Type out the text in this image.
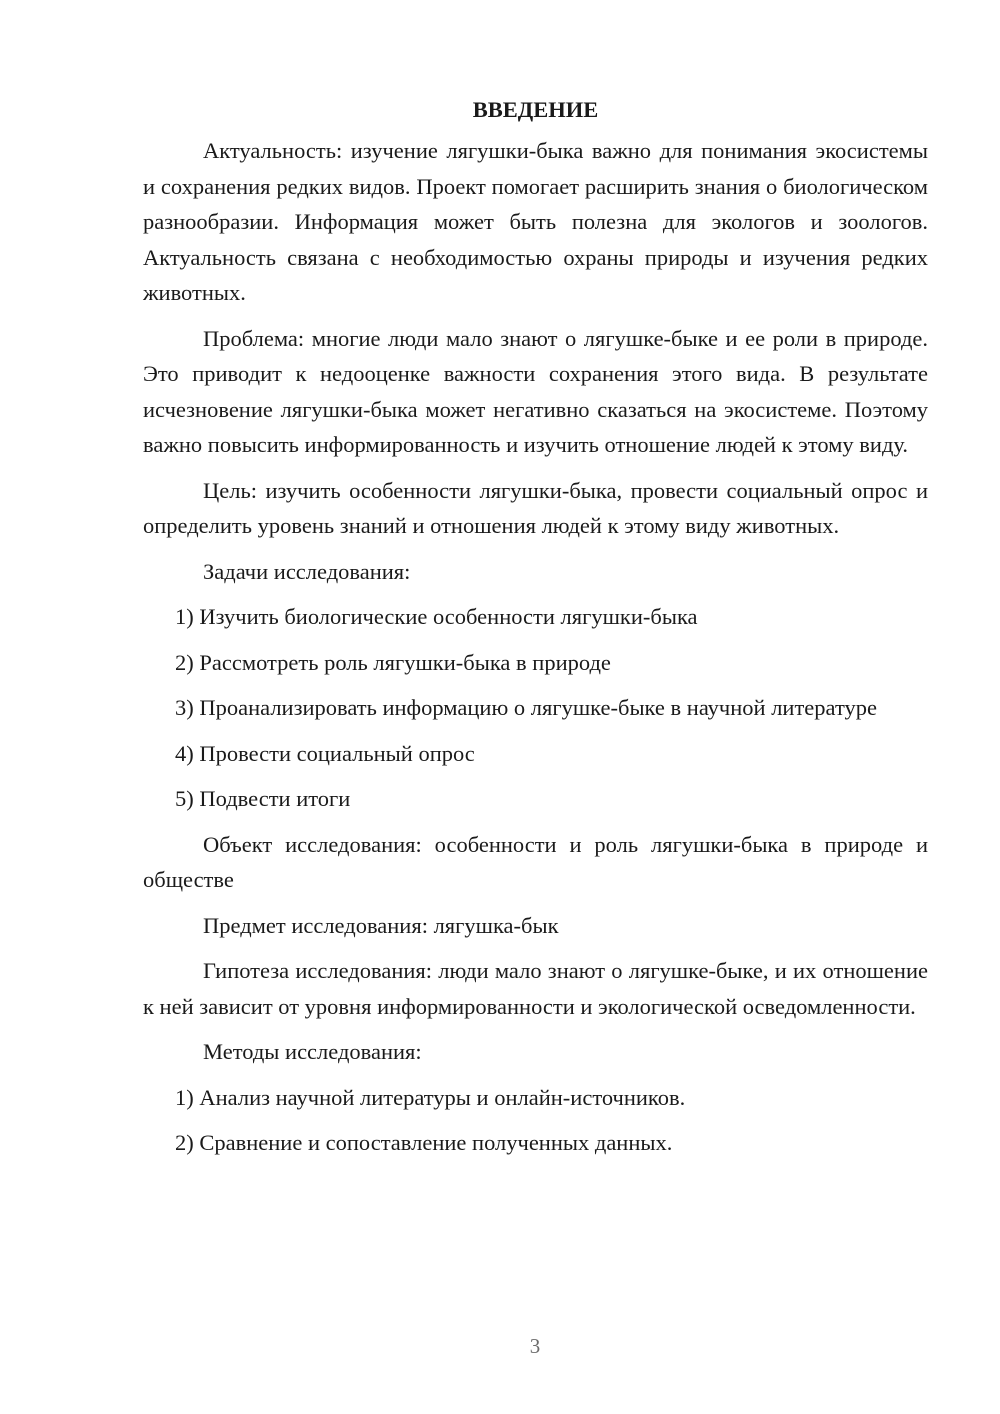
ВВЕДЕНИЕ

Актуальность: изучение лягушки-быка важно для понимания экосистемы и сохранения редких видов. Проект помогает расширить знания о биологическом разнообразии. Информация может быть полезна для экологов и зоологов. Актуальность связана с необходимостью охраны природы и изучения редких животных.

Проблема: многие люди мало знают о лягушке-быке и ее роли в природе. Это приводит к недооценке важности сохранения этого вида. В результате исчезновение лягушки-быка может негативно сказаться на экосистеме. Поэтому важно повысить информированность и изучить отношение людей к этому виду.

Цель: изучить особенности лягушки-быка, провести социальный опрос и определить уровень знаний и отношения людей к этому виду животных.

Задачи исследования:

1) Изучить биологические особенности лягушки-быка

2) Рассмотреть роль лягушки-быка в природе

3) Проанализировать информацию о лягушке-быке в научной литературе

4) Провести социальный опрос

5) Подвести итоги

Объект исследования: особенности и роль лягушки-быка в природе и обществе

Предмет исследования: лягушка-бык

Гипотеза исследования: люди мало знают о лягушке-быке, и их отношение к ней зависит от уровня информированности и экологической осведомленности.

Методы исследования:

1) Анализ научной литературы и онлайн-источников.

2) Сравнение и сопоставление полученных данных.

3
